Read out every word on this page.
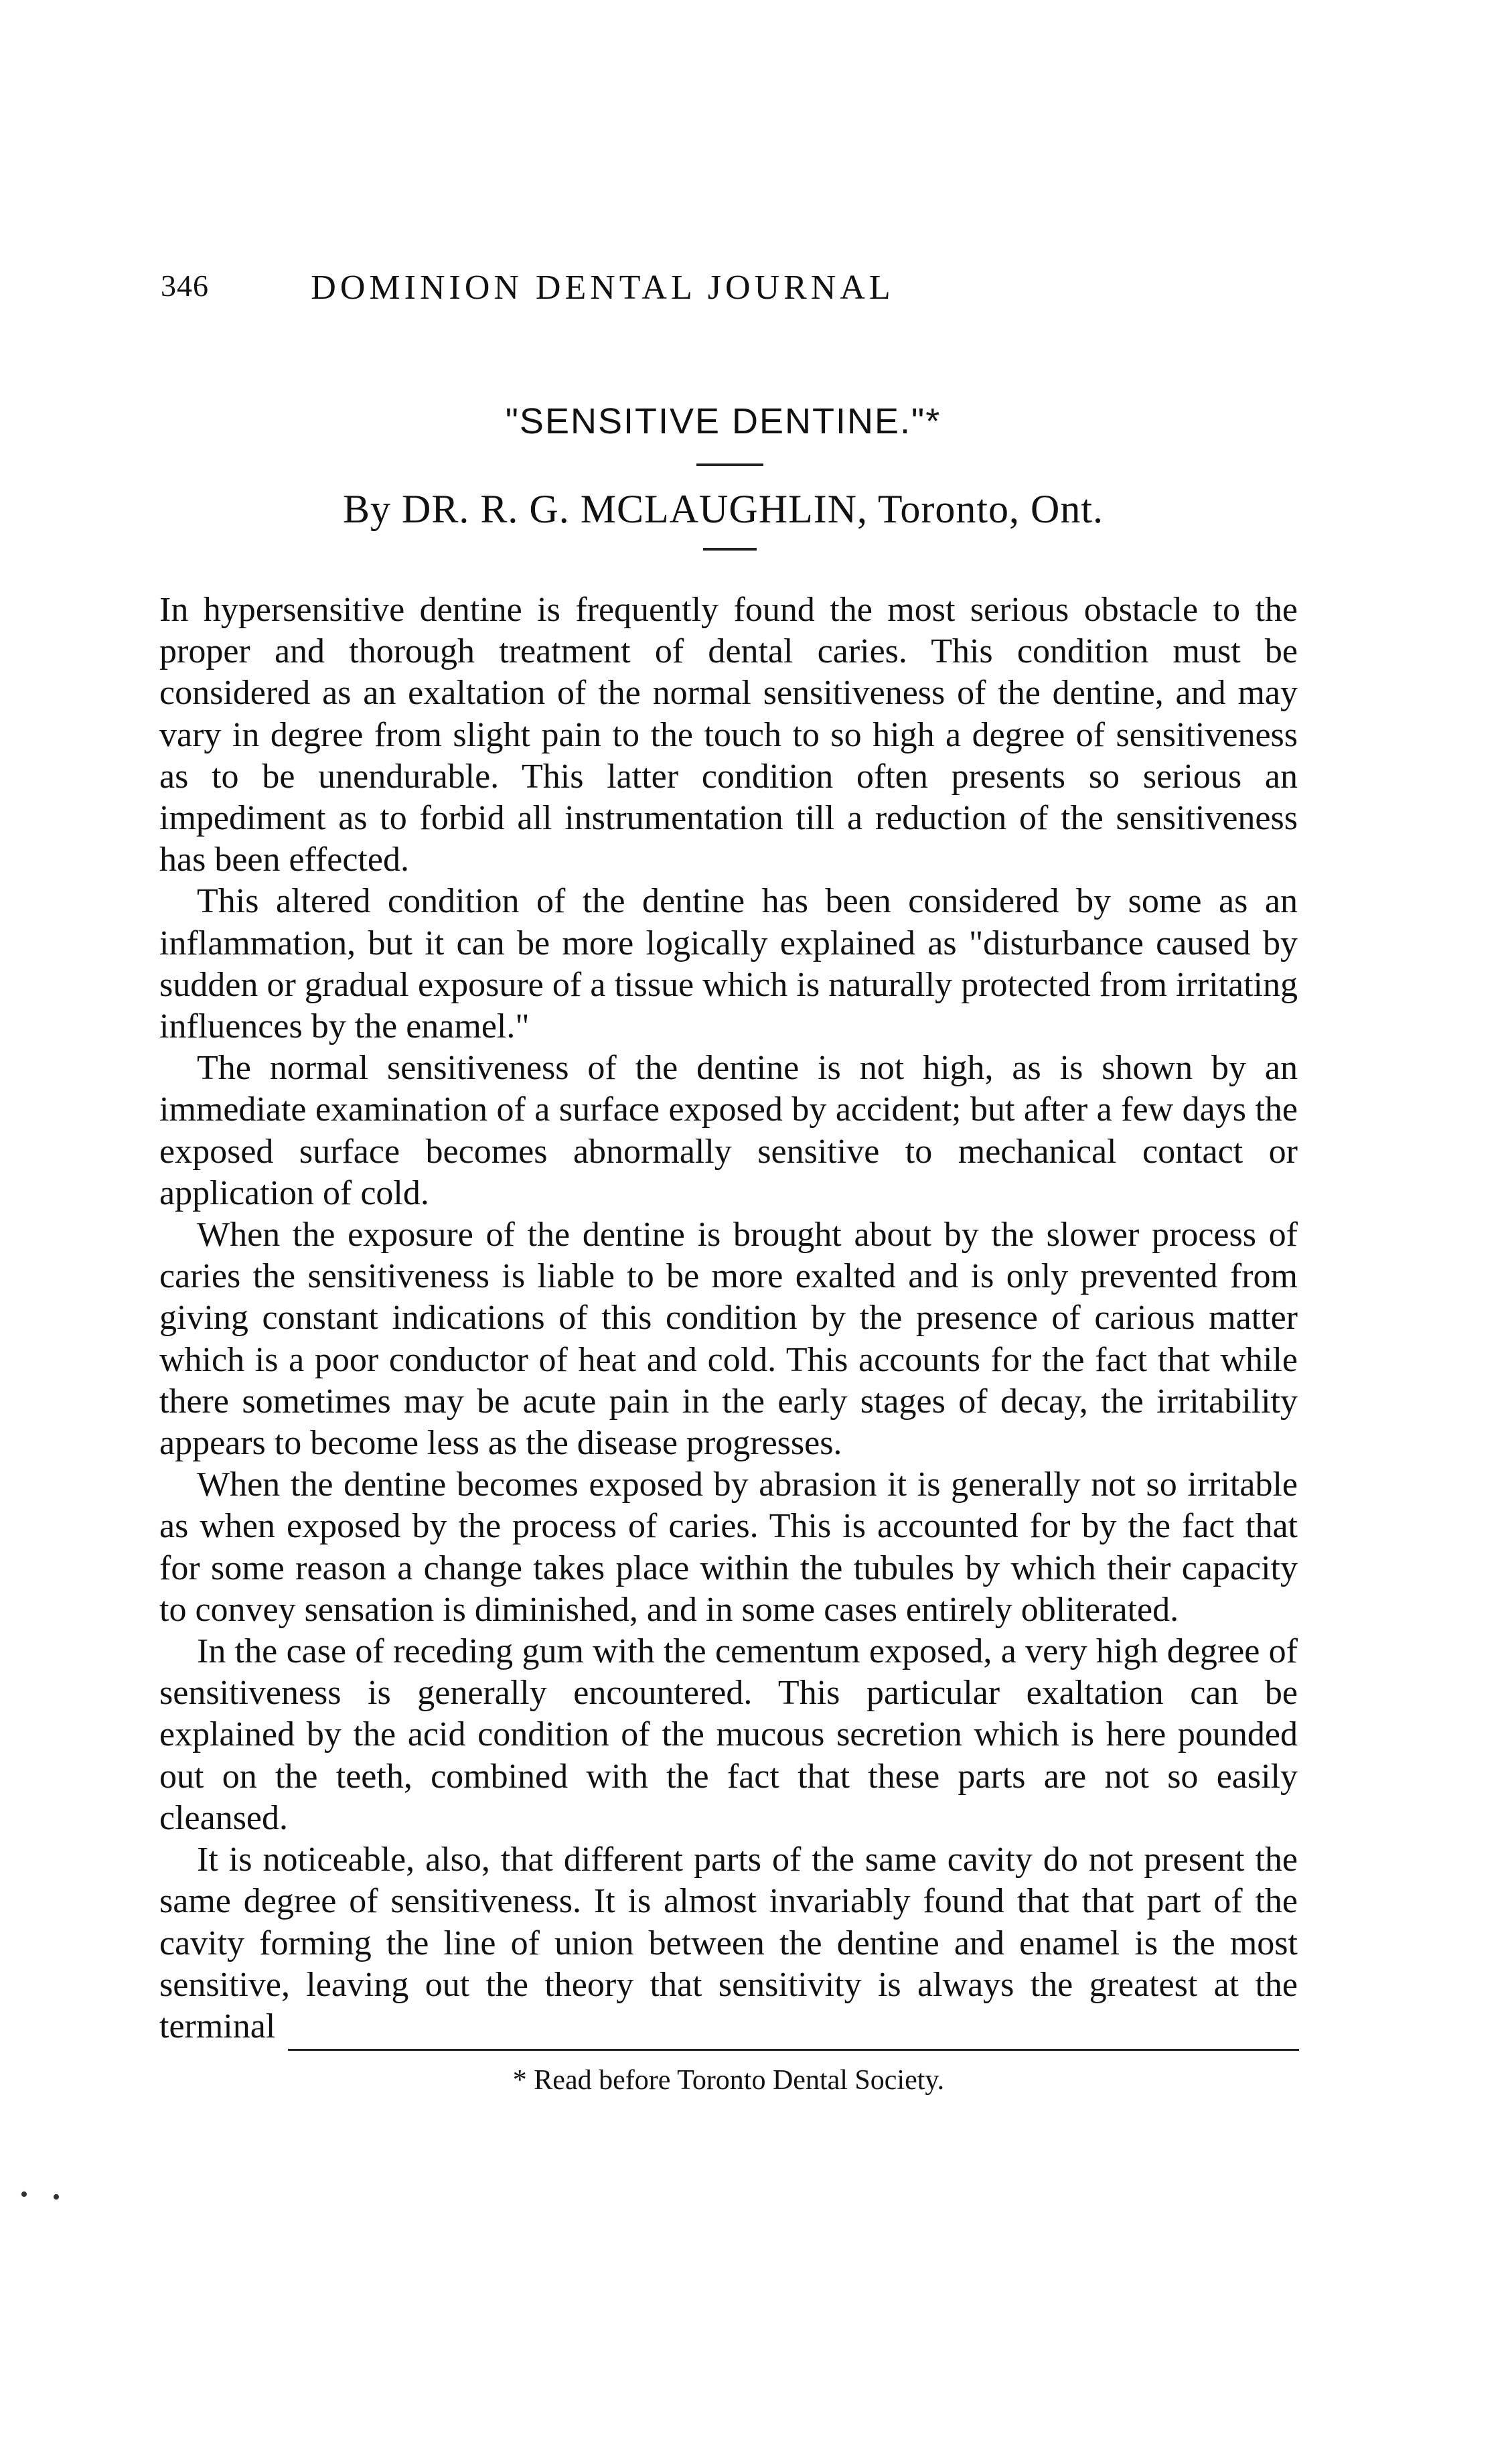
346	DOMINION DENTAL JOURNAL
"SENSITIVE DENTINE."*
By DR. R. G. MCLAUGHLIN, Toronto, Ont.

In hypersensitive dentine is frequently found the most serious obstacle to the proper and thorough treatment of dental caries. This condition must be considered as an exaltation of the normal sensitiveness of the dentine, and may vary in degree from slight pain to the touch to so high a degree of sensitiveness as to be unendurable. This latter condition often presents so serious an impediment as to forbid all instrumentation till a reduction of the sensitiveness has been effected.

This altered condition of the dentine has been considered by some as an inflammation, but it can be more logically explained as "disturbance caused by sudden or gradual exposure of a tissue which is naturally protected from irritating influences by the enamel."

The normal sensitiveness of the dentine is not high, as is shown by an immediate examination of a surface exposed by accident; but after a few days the exposed surface becomes abnormally sensitive to mechanical contact or application of cold.

When the exposure of the dentine is brought about by the slower process of caries the sensitiveness is liable to be more exalted and is only prevented from giving constant indications of this condition by the presence of carious matter which is a poor conductor of heat and cold. This accounts for the fact that while there sometimes may be acute pain in the early stages of decay, the irritability appears to become less as the disease progresses.

When the dentine becomes exposed by abrasion it is generally not so irritable as when exposed by the process of caries. This is accounted for by the fact that for some reason a change takes place within the tubules by which their capacity to convey sensation is diminished, and in some cases entirely obliterated.

In the case of receding gum with the cementum exposed, a very high degree of sensitiveness is generally encountered. This particular exaltation can be explained by the acid condition of the mucous secretion which is here pounded out on the teeth, combined with the fact that these parts are not so easily cleansed.

It is noticeable, also, that different parts of the same cavity do not present the same degree of sensitiveness. It is almost invariably found that that part of the cavity forming the line of union between the dentine and enamel is the most sensitive, leaving out the theory that sensitivity is always the greatest at the terminal

* Read before Toronto Dental Society.
• •
